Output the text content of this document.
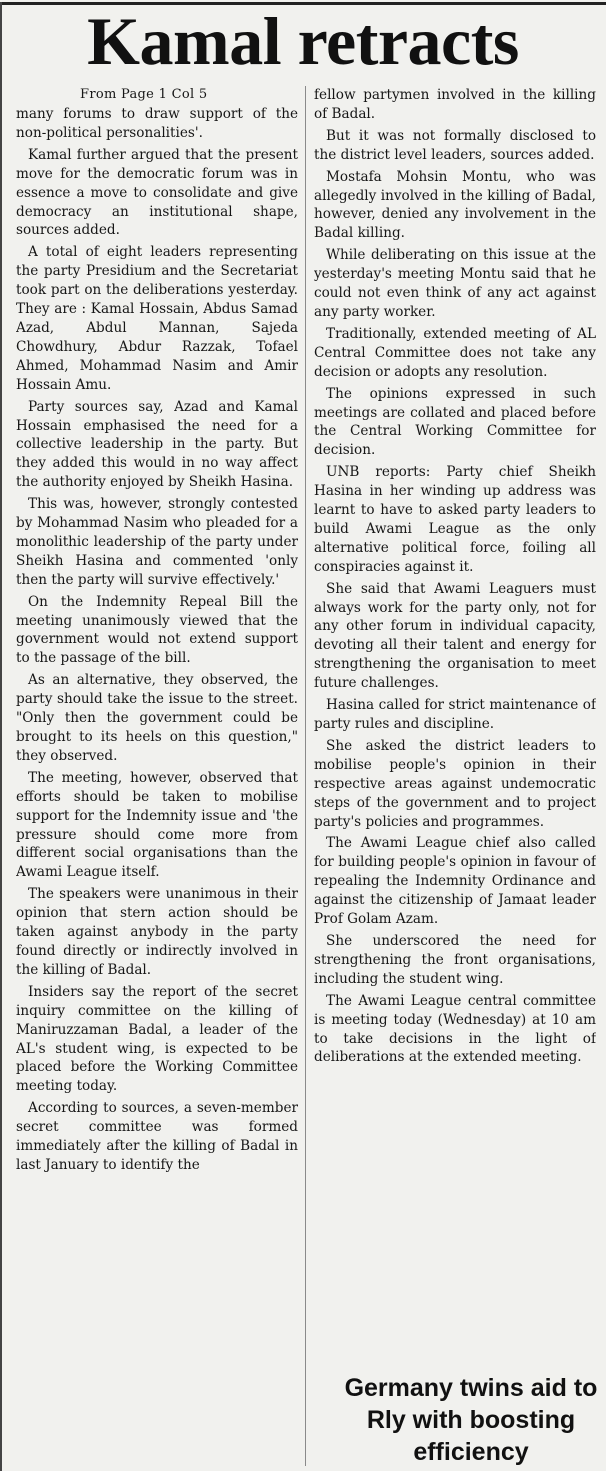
Kamal retracts
From Page 1 Col 5

many forums to draw support of the non-political personalities'.

Kamal further argued that the present move for the democratic forum was in essence a move to consolidate and give democracy an institutional shape, sources added.

A total of eight leaders representing the party Presidium and the Secretariat took part on the deliberations yesterday. They are : Kamal Hossain, Abdus Samad Azad, Abdul Mannan, Sajeda Chowdhury, Abdur Razzak, Tofael Ahmed, Mohammad Nasim and Amir Hossain Amu.

Party sources say, Azad and Kamal Hossain emphasised the need for a collective leadership in the party. But they added this would in no way affect the authority enjoyed by Sheikh Hasina.

This was, however, strongly contested by Mohammad Nasim who pleaded for a monolithic leadership of the party under Sheikh Hasina and commented 'only then the party will survive effectively.'

On the Indemnity Repeal Bill the meeting unanimously viewed that the government would not extend support to the passage of the bill.

As an alternative, they observed, the party should take the issue to the street. "Only then the government could be brought to its heels on this question," they observed.

The meeting, however, observed that efforts should be taken to mobilise support for the Indemnity issue and 'the pressure should come more from different social organisations than the Awami League itself.

The speakers were unanimous in their opinion that stern action should be taken against anybody in the party found directly or indirectly involved in the killing of Badal.

Insiders say the report of the secret inquiry committee on the killing of Maniruzzaman Badal, a leader of the AL's student wing, is expected to be placed before the Working Committee meeting today.

According to sources, a seven-member secret committee was formed immediately after the killing of Badal in last January to identify the

fellow partymen involved in the killing of Badal.

But it was not formally disclosed to the district level leaders, sources added.

Mostafa Mohsin Montu, who was allegedly involved in the killing of Badal, however, denied any involvement in the Badal killing.

While deliberating on this issue at the yesterday's meeting Montu said that he could not even think of any act against any party worker.

Traditionally, extended meeting of AL Central Committee does not take any decision or adopts any resolution.

The opinions expressed in such meetings are collated and placed before the Central Working Committee for decision.

UNB reports: Party chief Sheikh Hasina in her winding up address was learnt to have to asked party leaders to build Awami League as the only alternative political force, foiling all conspiracies against it.

She said that Awami Leaguers must always work for the party only, not for any other forum in individual capacity, devoting all their talent and energy for strengthening the organisation to meet future challenges.

Hasina called for strict maintenance of party rules and discipline.

She asked the district leaders to mobilise people's opinion in their respective areas against undemocratic steps of the government and to project party's policies and programmes.

The Awami League chief also called for building people's opinion in favour of repealing the Indemnity Ordinance and against the citizenship of Jamaat leader Prof Golam Azam.

She underscored the need for strengthening the front organisations, including the student wing.

The Awami League central committee is meeting today (Wednesday) at 10 am to take decisions in the light of deliberations at the extended meeting.

Germany twins aid to Rly with boosting efficiency
